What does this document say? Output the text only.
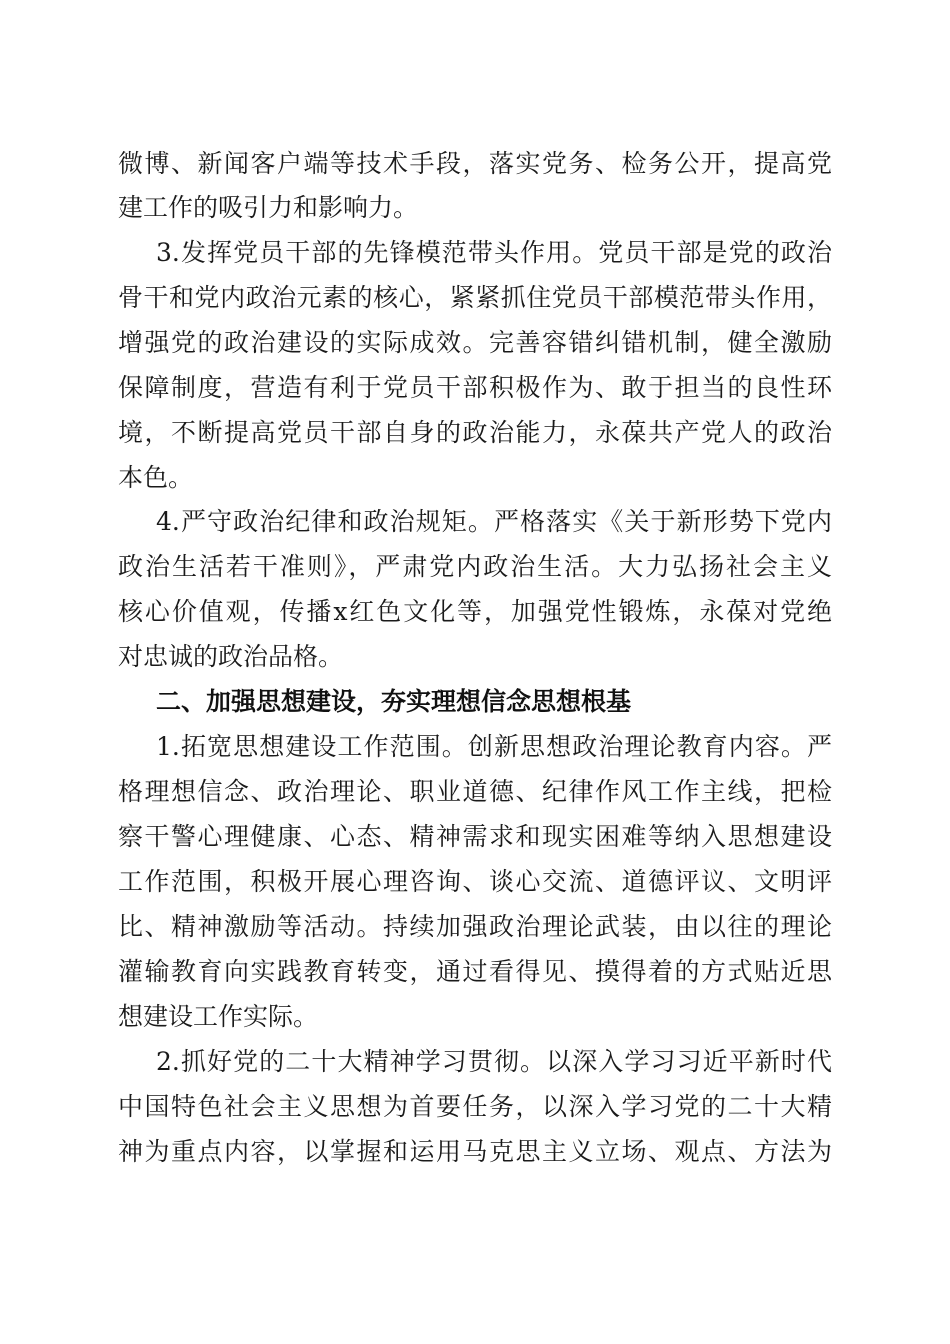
微博、新闻客户端等技术手段，落实党务、检务公开，提高党
建工作的吸引力和影响力。
3.发挥党员干部的先锋模范带头作用。党员干部是党的政治
骨干和党内政治元素的核心，紧紧抓住党员干部模范带头作用，
增强党的政治建设的实际成效。完善容错纠错机制，健全激励
保障制度，营造有利于党员干部积极作为、敢于担当的良性环
境，不断提高党员干部自身的政治能力，永葆共产党人的政治
本色。
4.严守政治纪律和政治规矩。严格落实《关于新形势下党内
政治生活若干准则》，严肃党内政治生活。大力弘扬社会主义
核心价值观，传播x红色文化等，加强党性锻炼，永葆对党绝
对忠诚的政治品格。
二、加强思想建设，夯实理想信念思想根基
1.拓宽思想建设工作范围。创新思想政治理论教育内容。严
格理想信念、政治理论、职业道德、纪律作风工作主线，把检
察干警心理健康、心态、精神需求和现实困难等纳入思想建设
工作范围，积极开展心理咨询、谈心交流、道德评议、文明评
比、精神激励等活动。持续加强政治理论武装，由以往的理论
灌输教育向实践教育转变，通过看得见、摸得着的方式贴近思
想建设工作实际。
2.抓好党的二十大精神学习贯彻。以深入学习习近平新时代
中国特色社会主义思想为首要任务，以深入学习党的二十大精
神为重点内容，以掌握和运用马克思主义立场、观点、方法为
